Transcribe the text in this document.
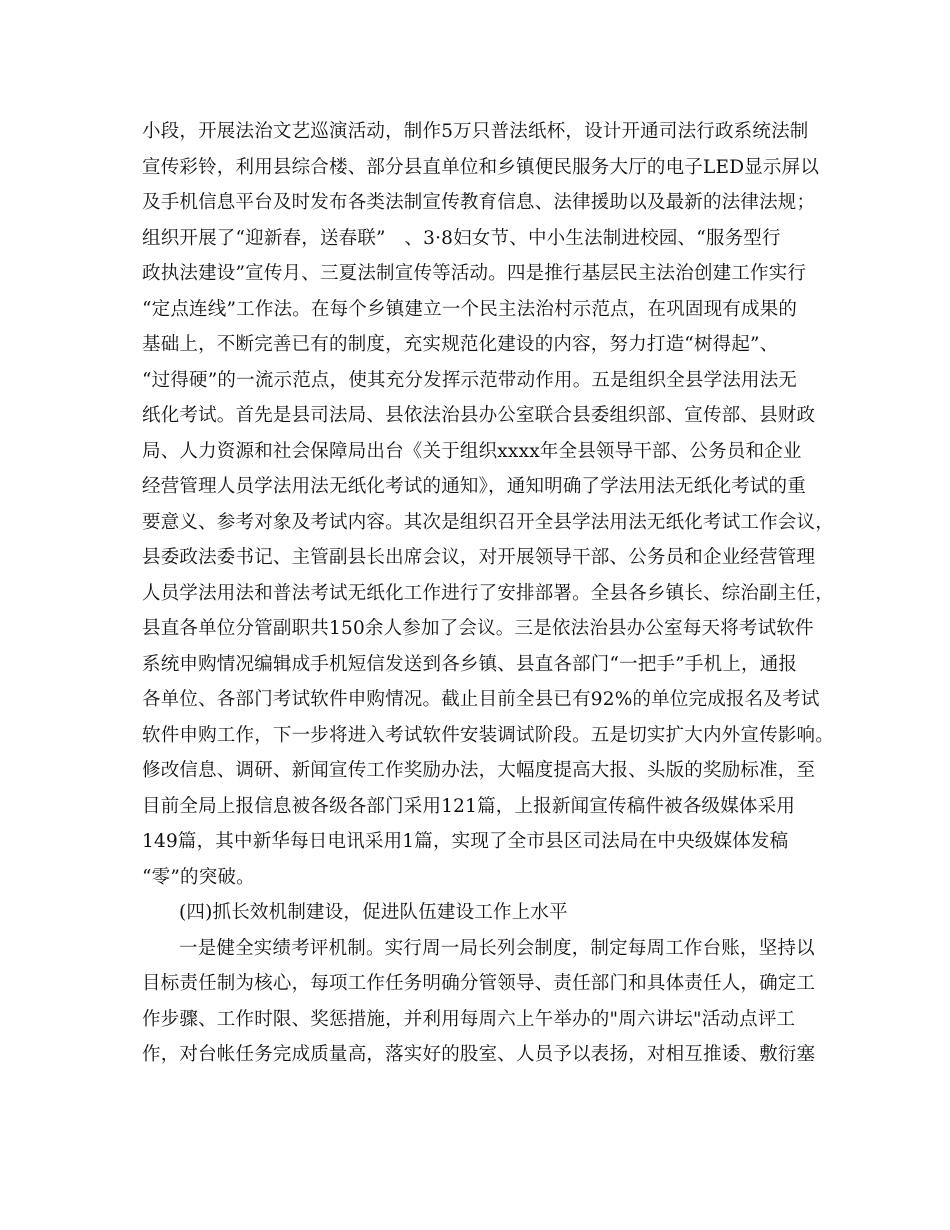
小段，开展法治文艺巡演活动，制作5万只普法纸杯，设计开通司法行政系统法制
宣传彩铃，利用县综合楼、部分县直单位和乡镇便民服务大厅的电子LED显示屏以
及手机信息平台及时发布各类法制宣传教育信息、法律援助以及最新的法律法规；
组织开展了“迎新春，送春联”　、3·8妇女节、中小生法制进校园、“服务型行
政执法建设”宣传月、三夏法制宣传等活动。四是推行基层民主法治创建工作实行
“定点连线”工作法。在每个乡镇建立一个民主法治村示范点，在巩固现有成果的
基础上，不断完善已有的制度，充实规范化建设的内容，努力打造“树得起”、
“过得硬”的一流示范点，使其充分发挥示范带动作用。五是组织全县学法用法无
纸化考试。首先是县司法局、县依法治县办公室联合县委组织部、宣传部、县财政
局、人力资源和社会保障局出台《关于组织xxxx年全县领导干部、公务员和企业
经营管理人员学法用法无纸化考试的通知》，通知明确了学法用法无纸化考试的重
要意义、参考对象及考试内容。其次是组织召开全县学法用法无纸化考试工作会议，
县委政法委书记、主管副县长出席会议，对开展领导干部、公务员和企业经营管理
人员学法用法和普法考试无纸化工作进行了安排部署。全县各乡镇长、综治副主任，
县直各单位分管副职共150余人参加了会议。三是依法治县办公室每天将考试软件
系统申购情况编辑成手机短信发送到各乡镇、县直各部门“一把手”手机上，通报
各单位、各部门考试软件申购情况。截止目前全县已有92%的单位完成报名及考试
软件申购工作，下一步将进入考试软件安装调试阶段。五是切实扩大内外宣传影响。
修改信息、调研、新闻宣传工作奖励办法，大幅度提高大报、头版的奖励标准，至
目前全局上报信息被各级各部门采用121篇，上报新闻宣传稿件被各级媒体采用
149篇，其中新华每日电讯采用1篇，实现了全市县区司法局在中央级媒体发稿
“零”的突破。
(四)抓长效机制建设，促进队伍建设工作上水平
一是健全实绩考评机制。实行周一局长列会制度，制定每周工作台账，坚持以
目标责任制为核心，每项工作任务明确分管领导、责任部门和具体责任人，确定工
作步骤、工作时限、奖惩措施，并利用每周六上午举办的"周六讲坛"活动点评工
作，对台帐任务完成质量高，落实好的股室、人员予以表扬，对相互推诿、敷衍塞
